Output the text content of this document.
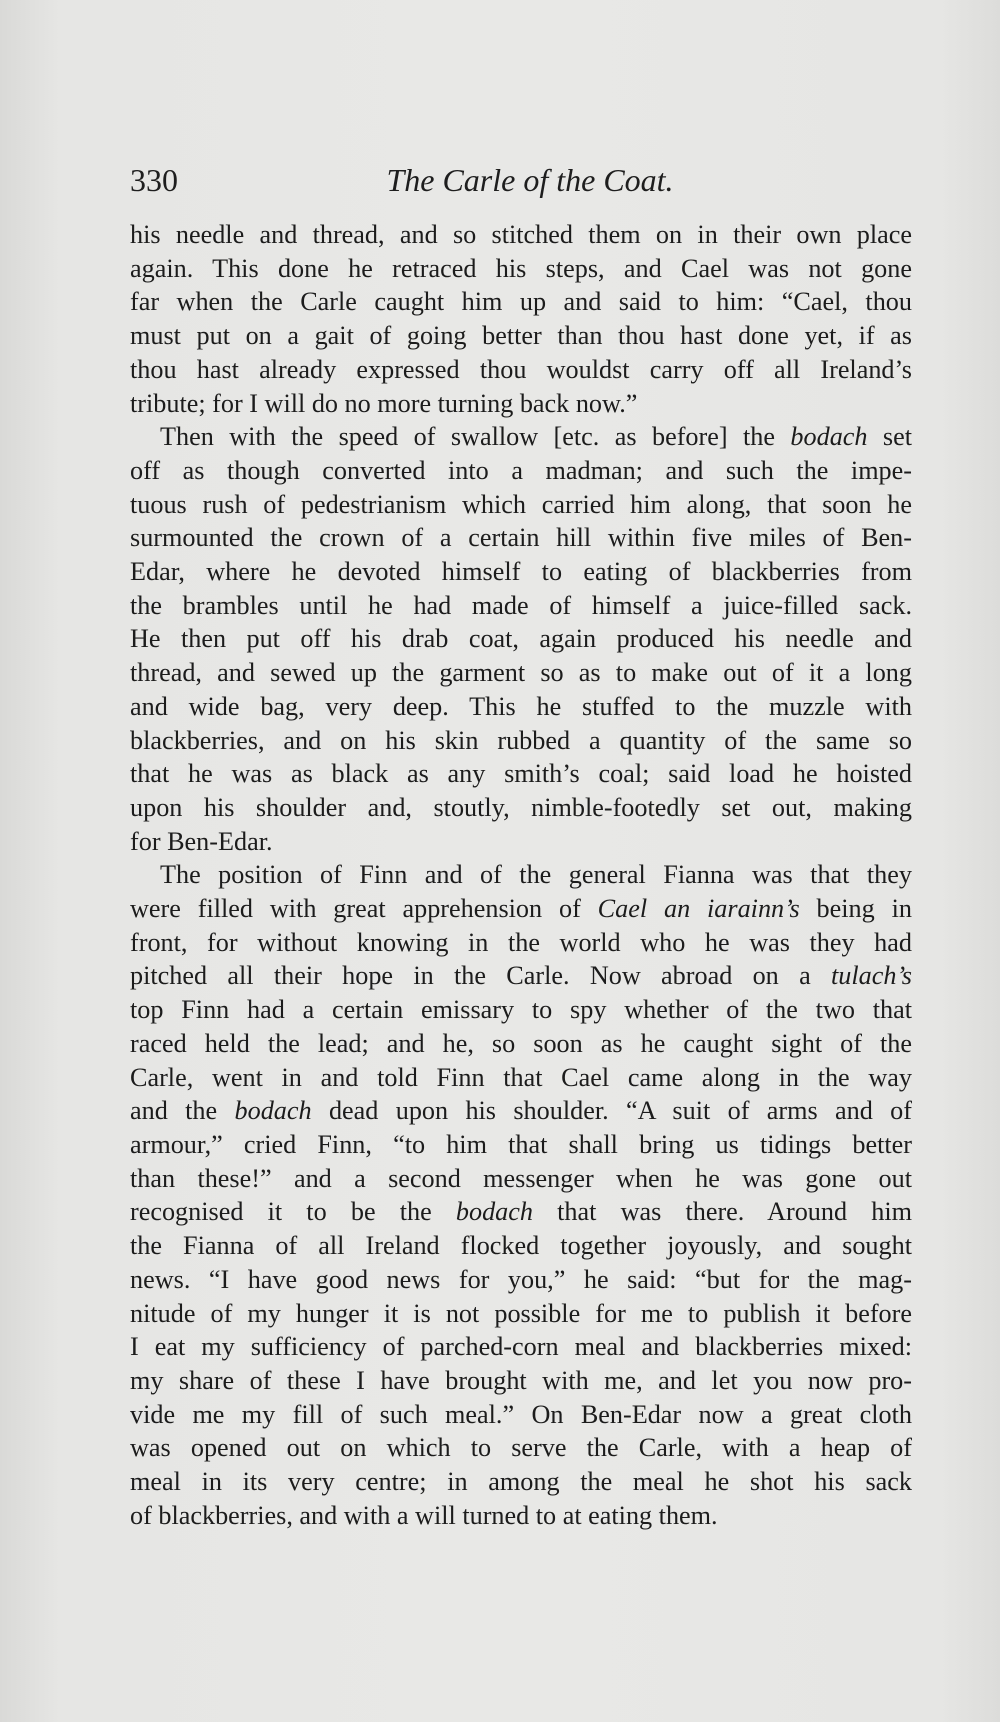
330	The Carle of the Coat.
his needle and thread, and so stitched them on in their own place
again. This done he retraced his steps, and Cael was not gone
far when the Carle caught him up and said to him: “Cael, thou
must put on a gait of going better than thou hast done yet, if as
thou hast already expressed thou wouldst carry off all Ireland’s
tribute; for I will do no more turning back now.”
Then with the speed of swallow [etc. as before] the bodach set
off as though converted into a madman; and such the impe-
tuous rush of pedestrianism which carried him along, that soon he
surmounted the crown of a certain hill within five miles of Ben-
Edar, where he devoted himself to eating of blackberries from
the brambles until he had made of himself a juice-filled sack.
He then put off his drab coat, again produced his needle and
thread, and sewed up the garment so as to make out of it a long
and wide bag, very deep. This he stuffed to the muzzle with
blackberries, and on his skin rubbed a quantity of the same so
that he was as black as any smith’s coal; said load he hoisted
upon his shoulder and, stoutly, nimble-footedly set out, making
for Ben-Edar.
The position of Finn and of the general Fianna was that they
were filled with great apprehension of Cael an iarainn’s being in
front, for without knowing in the world who he was they had
pitched all their hope in the Carle. Now abroad on a tulach’s
top Finn had a certain emissary to spy whether of the two that
raced held the lead; and he, so soon as he caught sight of the
Carle, went in and told Finn that Cael came along in the way
and the bodach dead upon his shoulder. “A suit of arms and of
armour,” cried Finn, “to him that shall bring us tidings better
than these!” and a second messenger when he was gone out
recognised it to be the bodach that was there. Around him
the Fianna of all Ireland flocked together joyously, and sought
news. “I have good news for you,” he said: “but for the mag-
nitude of my hunger it is not possible for me to publish it before
I eat my sufficiency of parched-corn meal and blackberries mixed:
my share of these I have brought with me, and let you now pro-
vide me my fill of such meal.” On Ben-Edar now a great cloth
was opened out on which to serve the Carle, with a heap of
meal in its very centre; in among the meal he shot his sack
of blackberries, and with a will turned to at eating them.
